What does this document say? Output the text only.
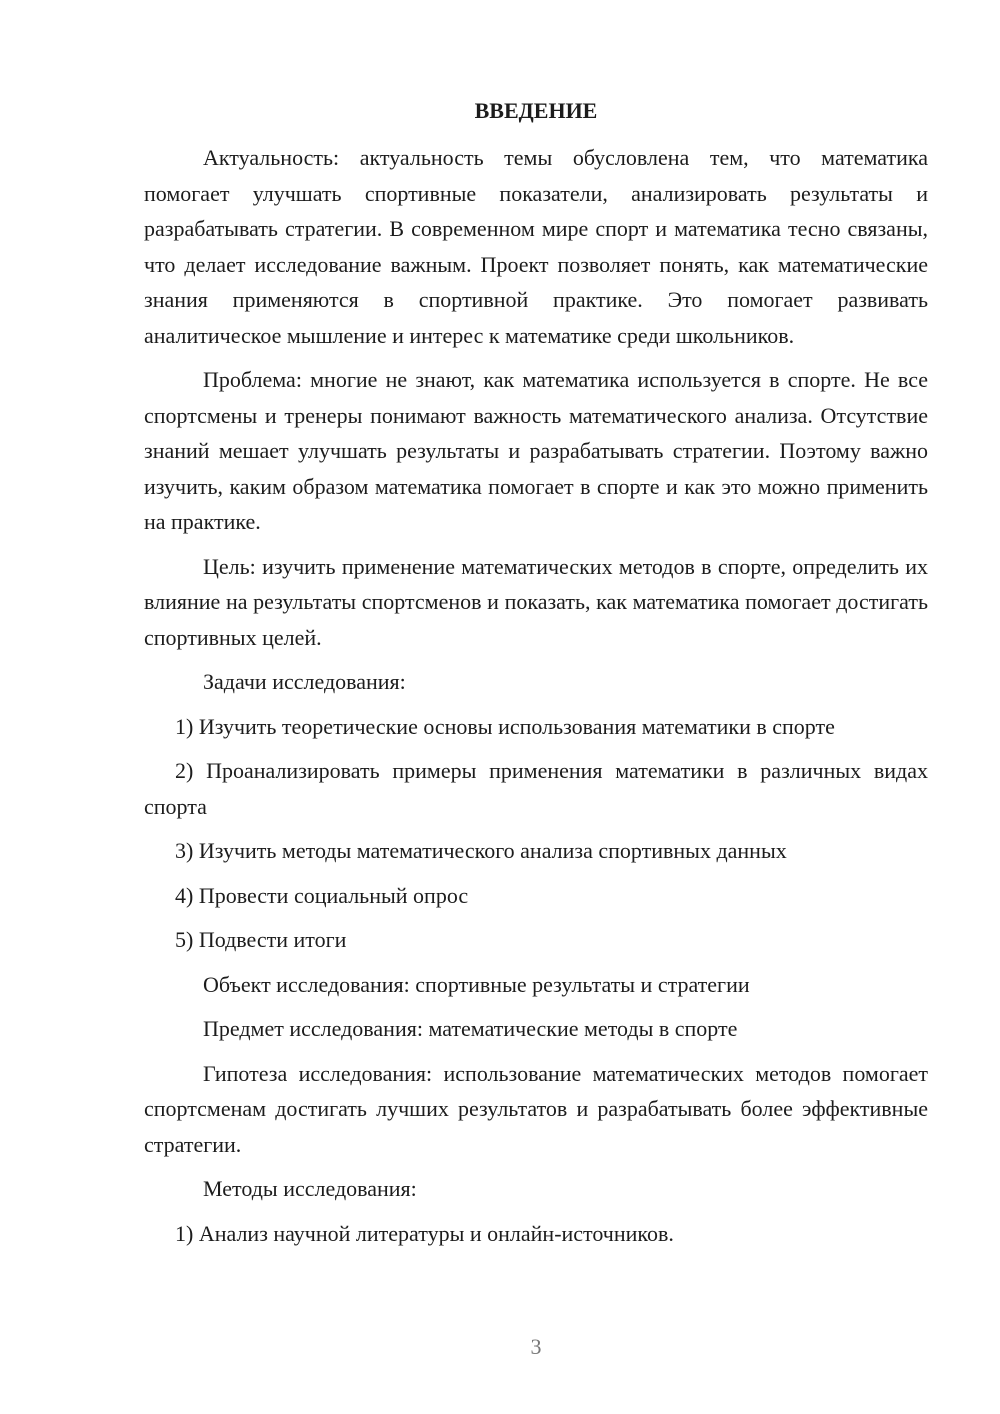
ВВЕДЕНИЕ

Актуальность: актуальность темы обусловлена тем, что математика помогает улучшать спортивные показатели, анализировать результаты и разрабатывать стратегии. В современном мире спорт и математика тесно связаны, что делает исследование важным. Проект позволяет понять, как математические знания применяются в спортивной практике. Это помогает развивать аналитическое мышление и интерес к математике среди школьников.

Проблема: многие не знают, как математика используется в спорте. Не все спортсмены и тренеры понимают важность математического анализа. Отсутствие знаний мешает улучшать результаты и разрабатывать стратегии. Поэтому важно изучить, каким образом математика помогает в спорте и как это можно применить на практике.

Цель: изучить применение математических методов в спорте, определить их влияние на результаты спортсменов и показать, как математика помогает достигать спортивных целей.

Задачи исследования:

1) Изучить теоретические основы использования математики в спорте

2) Проанализировать примеры применения математики в различных видах спорта

3) Изучить методы математического анализа спортивных данных

4) Провести социальный опрос

5) Подвести итоги

Объект исследования: спортивные результаты и стратегии

Предмет исследования: математические методы в спорте

Гипотеза исследования: использование математических методов помогает спортсменам достигать лучших результатов и разрабатывать более эффективные стратегии.

Методы исследования:

1) Анализ научной литературы и онлайн-источников.

3
